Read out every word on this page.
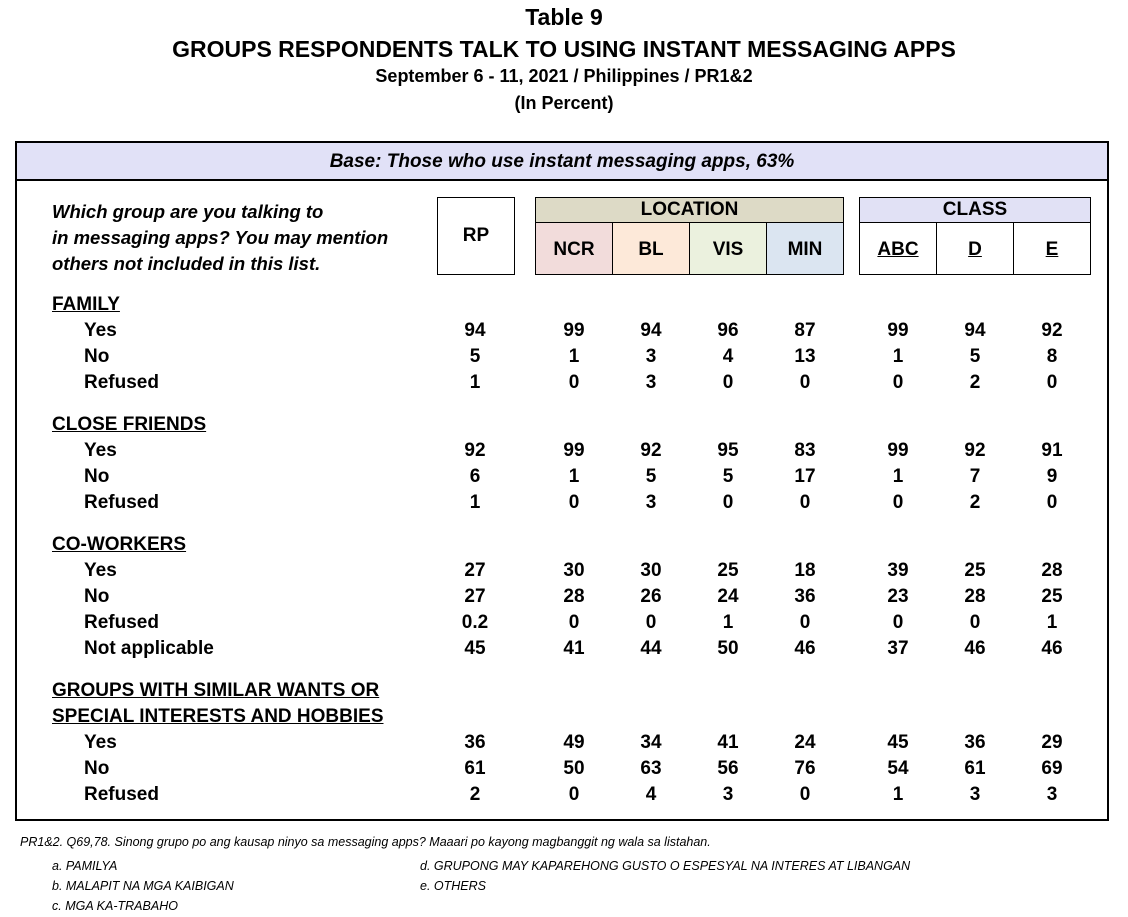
Table 9
GROUPS RESPONDENTS TALK TO USING INSTANT MESSAGING APPS
September 6 - 11, 2021 / Philippines / PR1&2
(In Percent)
Base: Those who use instant messaging apps, 63%
Which group are you talking to
in messaging apps? You may mention
others not included in this list.
RP
LOCATION
NCR	BL	VIS	MIN
CLASS
ABC	D	E
FAMILY
Yes	94	99	94	96	87	99	94	92
No	5	1	3	4	13	1	5	8
Refused	1	0	3	0	0	0	2	0
CLOSE FRIENDS
Yes	92	99	92	95	83	99	92	91
No	6	1	5	5	17	1	7	9
Refused	1	0	3	0	0	0	2	0
CO-WORKERS
Yes	27	30	30	25	18	39	25	28
No	27	28	26	24	36	23	28	25
Refused	0.2	0	0	1	0	0	0	1
Not applicable	45	41	44	50	46	37	46	46
GROUPS WITH SIMILAR WANTS OR
SPECIAL INTERESTS AND HOBBIES
Yes	36	49	34	41	24	45	36	29
No	61	50	63	56	76	54	61	69
Refused	2	0	4	3	0	1	3	3
PR1&2. Q69,78. Sinong grupo po ang kausap ninyo sa messaging apps? Maaari po kayong magbanggit ng wala sa listahan.
a. PAMILYA
b. MALAPIT NA MGA KAIBIGAN
c. MGA KA-TRABAHO
d. GRUPONG MAY KAPAREHONG GUSTO O ESPESYAL NA INTERES AT LIBANGAN
e. OTHERS
